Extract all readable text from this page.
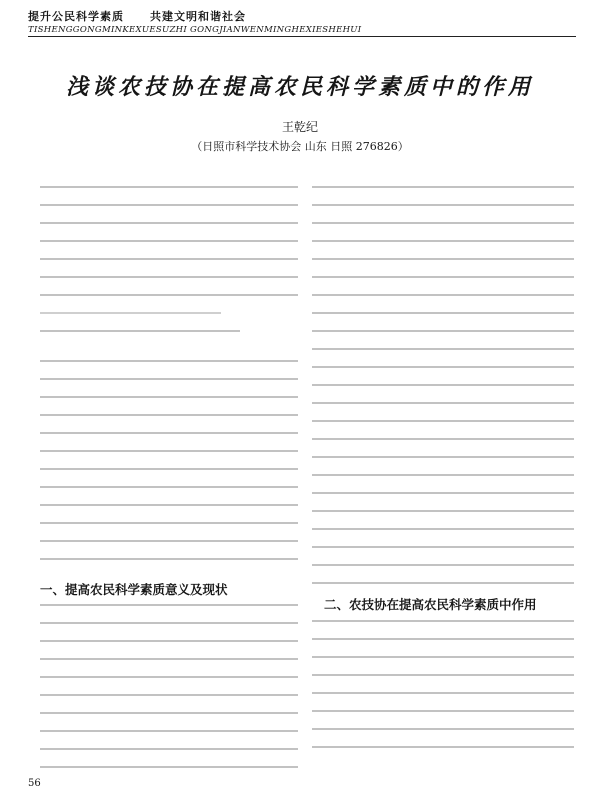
提升公民科学素质 共建文明和谐社会
TISHENGGONGMINKEXUESUZHI GONGJIANWENMINGHEXIESHEHUI
浅谈农技协在提高农民科学素质中的作用
王乾纪
（日照市科学技术协会 山东 日照 276826）
一、提高农民科学素质意义及现状
二、农技协在提高农民科学素质中作用
56
